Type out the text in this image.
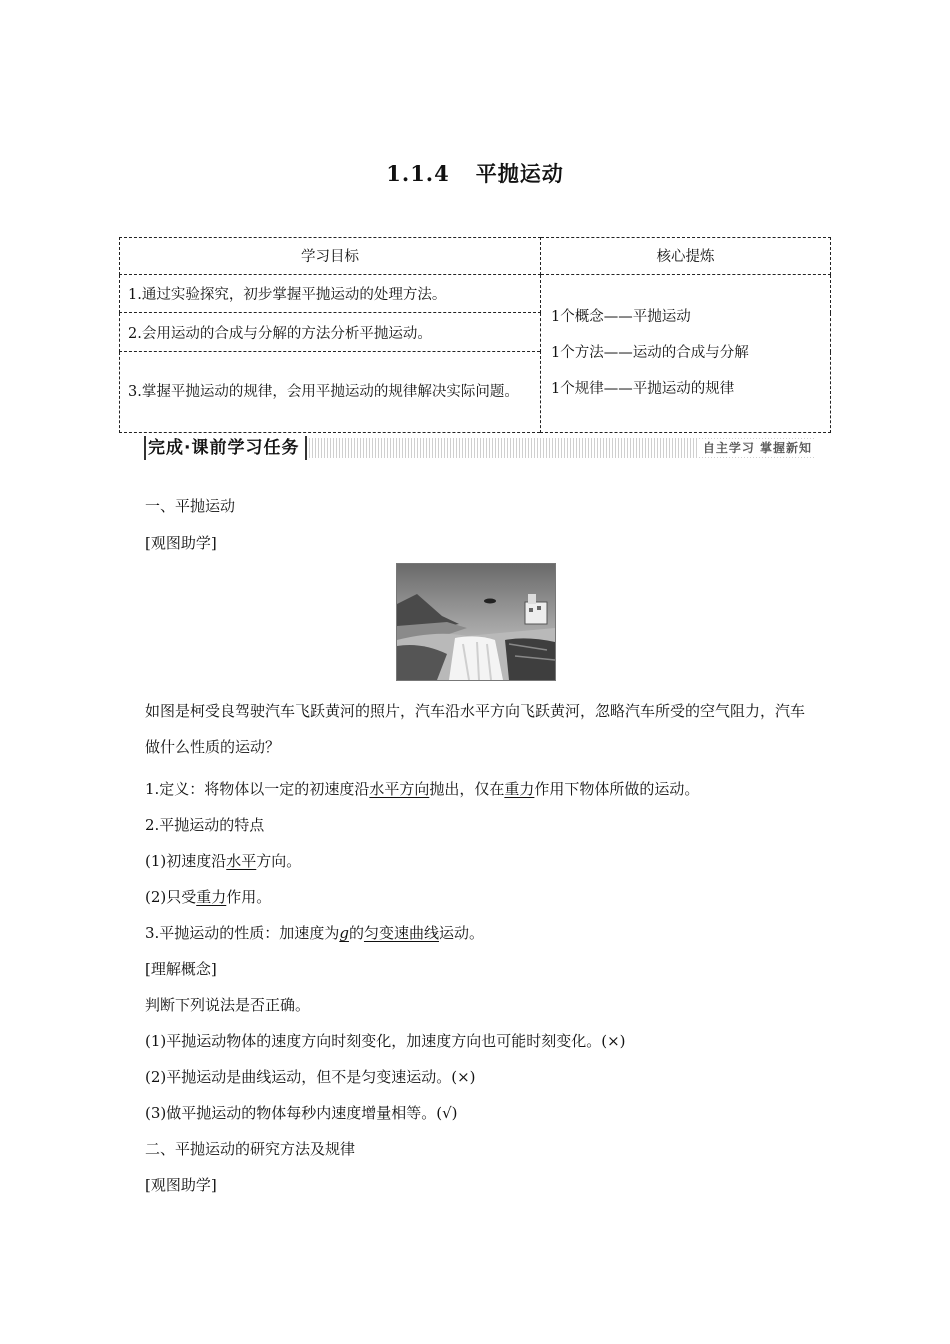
1.1.4 平抛运动
学习目标	核心提炼
1.通过实验探究，初步掌握平抛运动的处理方法。	1个概念——平抛运动
1个方法——运动的合成与分解
1个规律——平抛运动的规律

2.会用运动的合成与分解的方法分析平抛运动。	
3.掌握平抛运动的规律，会用平抛运动的规律解决实际问题。	
完成·课前学习任务	自主学习 掌握新知
一、平抛运动
[观图助学]
如图是柯受良驾驶汽车飞跃黄河的照片，汽车沿水平方向飞跃黄河，忽略汽车所受的空气阻力，汽车做什么性质的运动？
1.定义：将物体以一定的初速度沿水平方向抛出，仅在重力作用下物体所做的运动。
2.平抛运动的特点
(1)初速度沿水平方向。
(2)只受重力作用。
3.平抛运动的性质：加速度为g的匀变速曲线运动。
[理解概念]
判断下列说法是否正确。
(1)平抛运动物体的速度方向时刻变化，加速度方向也可能时刻变化。(×)
(2)平抛运动是曲线运动，但不是匀变速运动。(×)
(3)做平抛运动的物体每秒内速度增量相等。(√)
二、平抛运动的研究方法及规律
[观图助学]
